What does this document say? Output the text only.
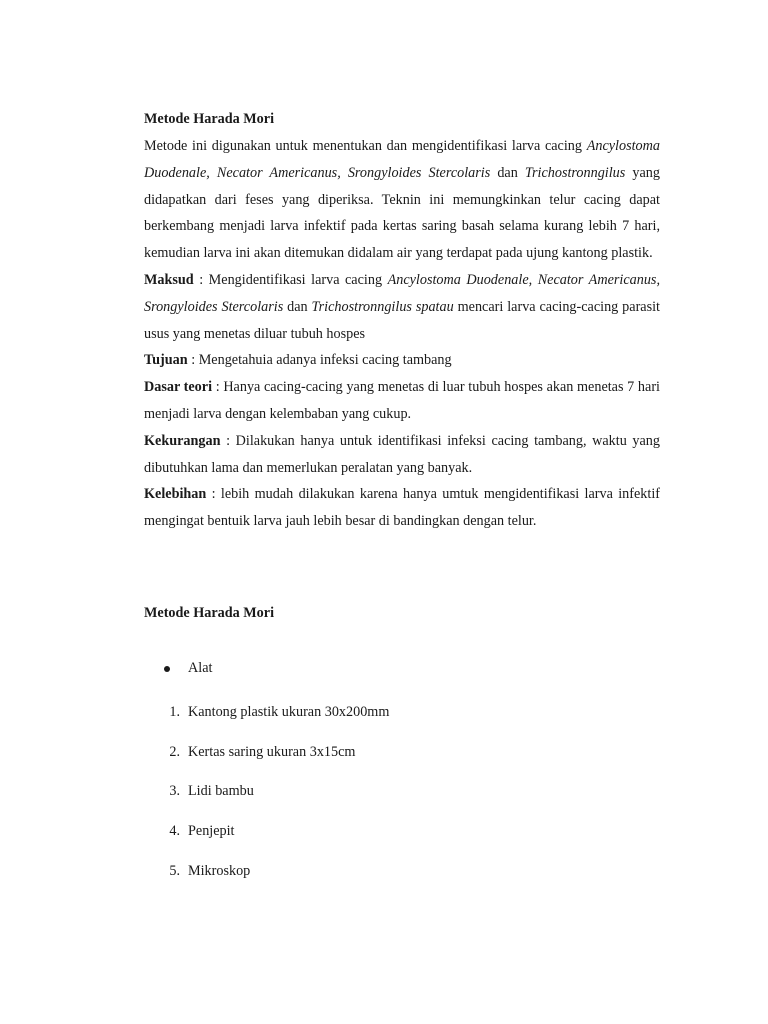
Metode Harada Mori

Metode ini digunakan untuk menentukan dan mengidentifikasi larva cacing Ancylostoma Duodenale, Necator Americanus, Srongyloides Stercolaris dan Trichostronngilus yang didapatkan dari feses yang diperiksa. Teknin ini memungkinkan telur cacing dapat berkembang menjadi larva infektif pada kertas saring basah selama kurang lebih 7 hari, kemudian larva ini akan ditemukan didalam air yang terdapat pada ujung kantong plastik.

Maksud : Mengidentifikasi larva cacing Ancylostoma Duodenale, Necator Americanus, Srongyloides Stercolaris dan Trichostronngilus spatau mencari larva cacing-cacing parasit usus yang menetas diluar tubuh hospes

Tujuan : Mengetahuia adanya infeksi cacing tambang

Dasar teori : Hanya cacing-cacing yang menetas di luar tubuh hospes akan menetas 7 hari menjadi larva dengan kelembaban yang cukup.

Kekurangan : Dilakukan hanya untuk identifikasi infeksi cacing tambang, waktu yang dibutuhkan lama dan memerlukan peralatan yang banyak.

Kelebihan : lebih mudah dilakukan karena hanya umtuk mengidentifikasi larva infektif mengingat bentuik larva jauh lebih besar di bandingkan dengan telur.

Metode Harada Mori
Alat
1. Kantong plastik ukuran 30x200mm
2. Kertas saring ukuran 3x15cm
3. Lidi bambu
4. Penjepit
5. Mikroskop
